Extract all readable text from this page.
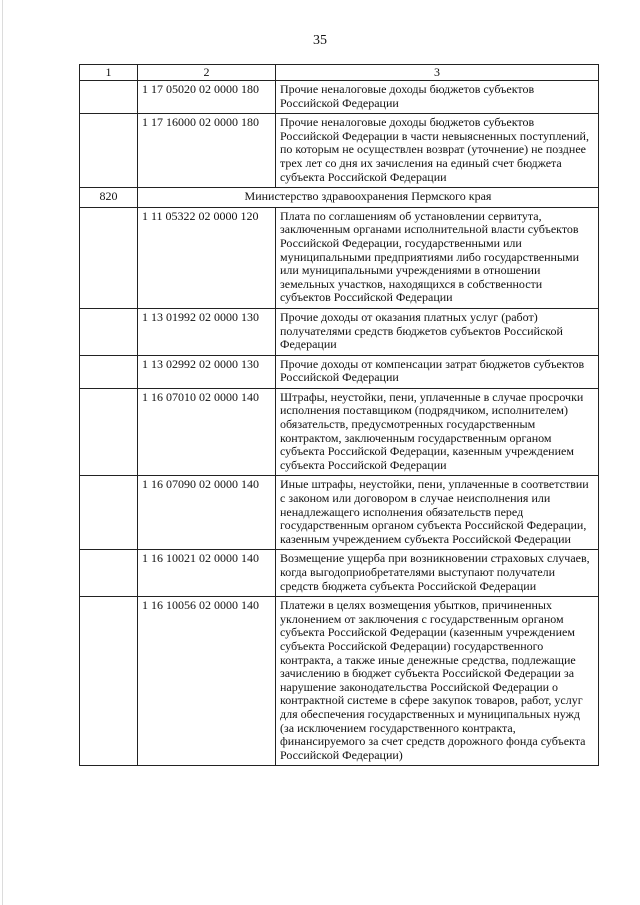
35
1	2	3
	1 17 05020 02 0000 180	Прочие неналоговые доходы бюджетов субъектов Российской Федерации
	1 17 16000 02 0000 180	Прочие неналоговые доходы бюджетов субъектов Российской Федерации в части невыясненных поступлений, по которым не осуществлен возврат (уточнение) не позднее трех лет со дня их зачисления на единый счет бюджета субъекта Российской Федерации
820	Министерство здравоохранения Пермского края	
	1 11 05322 02 0000 120	Плата по соглашениям об установлении сервитута, заключенным органами исполнительной власти субъектов Российской Федерации, государственными или муниципальными предприятиями либо государственными или муниципальными учреждениями в отношении земельных участков, находящихся в собственности субъектов Российской Федерации
	1 13 01992 02 0000 130	Прочие доходы от оказания платных услуг (работ) получателями средств бюджетов субъектов Российской Федерации
	1 13 02992 02 0000 130	Прочие доходы от компенсации затрат бюджетов субъектов Российской Федерации
	1 16 07010 02 0000 140	Штрафы, неустойки, пени, уплаченные в случае просрочки исполнения поставщиком (подрядчиком, исполнителем) обязательств, предусмотренных государственным контрактом, заключенным государственным органом субъекта Российской Федерации, казенным учреждением субъекта Российской Федерации
	1 16 07090 02 0000 140	Иные штрафы, неустойки, пени, уплаченные в соответствии с законом или договором в случае неисполнения или ненадлежащего исполнения обязательств перед государственным органом субъекта Российской Федерации, казенным учреждением субъекта Российской Федерации
	1 16 10021 02 0000 140	Возмещение ущерба при возникновении страховых случаев, когда выгодоприобретателями выступают получатели средств бюджета субъекта Российской Федерации
	1 16 10056 02 0000 140	Платежи в целях возмещения убытков, причиненных уклонением от заключения с государственным органом субъекта Российской Федерации (казенным учреждением субъекта Российской Федерации) государственного контракта, а также иные денежные средства, подлежащие зачислению в бюджет субъекта Российской Федерации за нарушение законодательства Российской Федерации о контрактной системе в сфере закупок товаров, работ, услуг для обеспечения государственных и муниципальных нужд (за исключением государственного контракта, финансируемого за счет средств дорожного фонда субъекта Российской Федерации)
